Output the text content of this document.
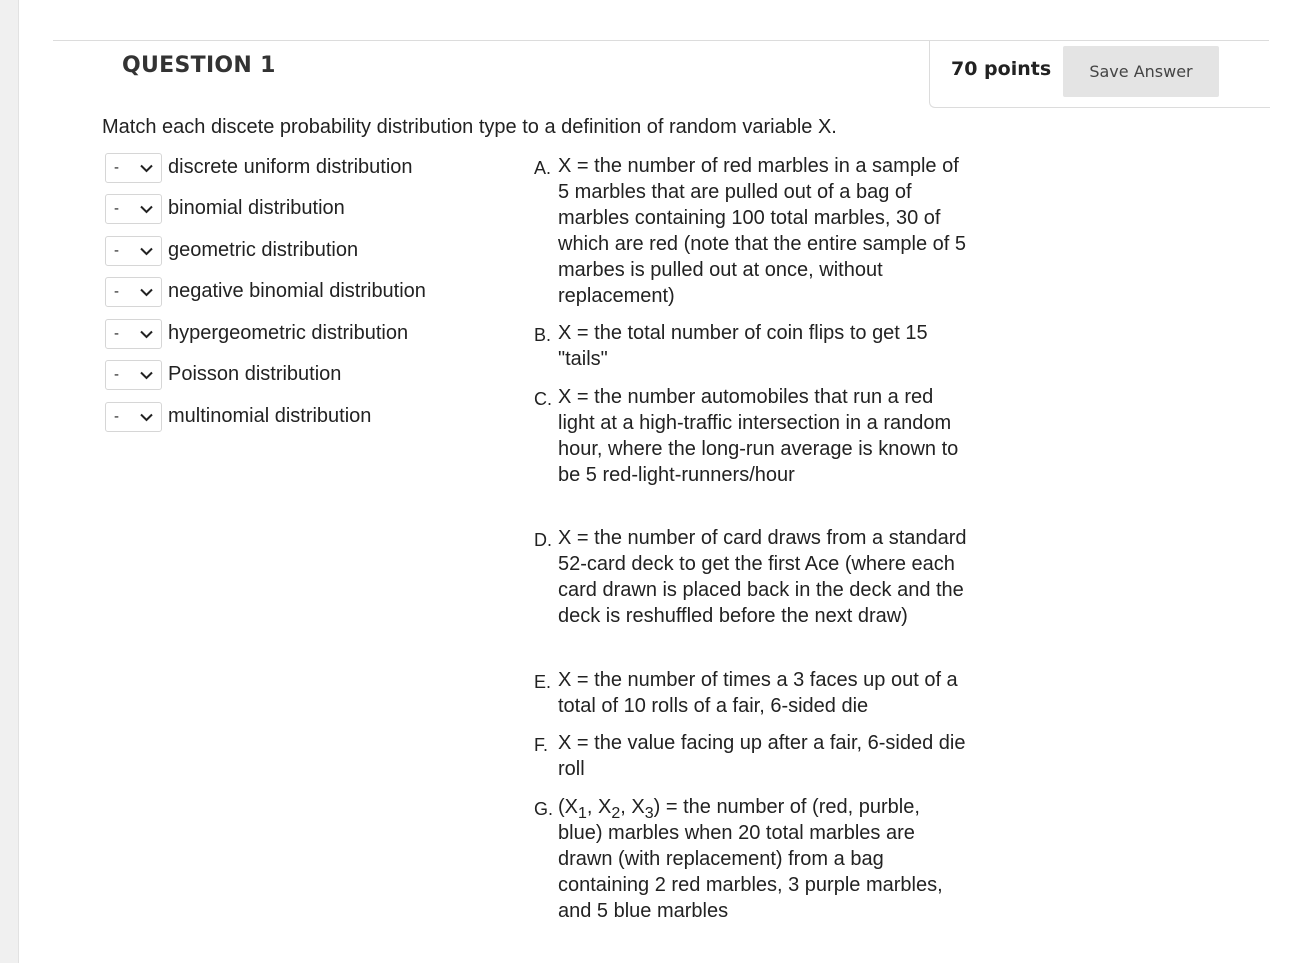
QUESTION 1	70 points	Save Answer
Match each discete probability distribution type to a definition of random variable X.
- discrete uniform distribution
- binomial distribution
- geometric distribution
- negative binomial distribution
- hypergeometric distribution
- Poisson distribution
- multinomial distribution
A. X = the number of red marbles in a sample of 5 marbles that are pulled out of a bag of marbles containing 100 total marbles, 30 of which are red (note that the entire sample of 5 marbes is pulled out at once, without replacement)
B. X = the total number of coin flips to get 15 "tails"
C. X = the number automobiles that run a red light at a high-traffic intersection in a random hour, where the long-run average is known to be 5 red-light-runners/hour
D. X = the number of card draws from a standard 52-card deck to get the first Ace (where each card drawn is placed back in the deck and the deck is reshuffled before the next draw)
E. X = the number of times a 3 faces up out of a total of 10 rolls of a fair, 6-sided die
F. X = the value facing up after a fair, 6-sided die roll
G. ($X_1$, $X_2$, $X_3$) = the number of (red, purble, blue) marbles when 20 total marbles are drawn (with replacement) from a bag containing 2 red marbles, 3 purple marbles, and 5 blue marbles
